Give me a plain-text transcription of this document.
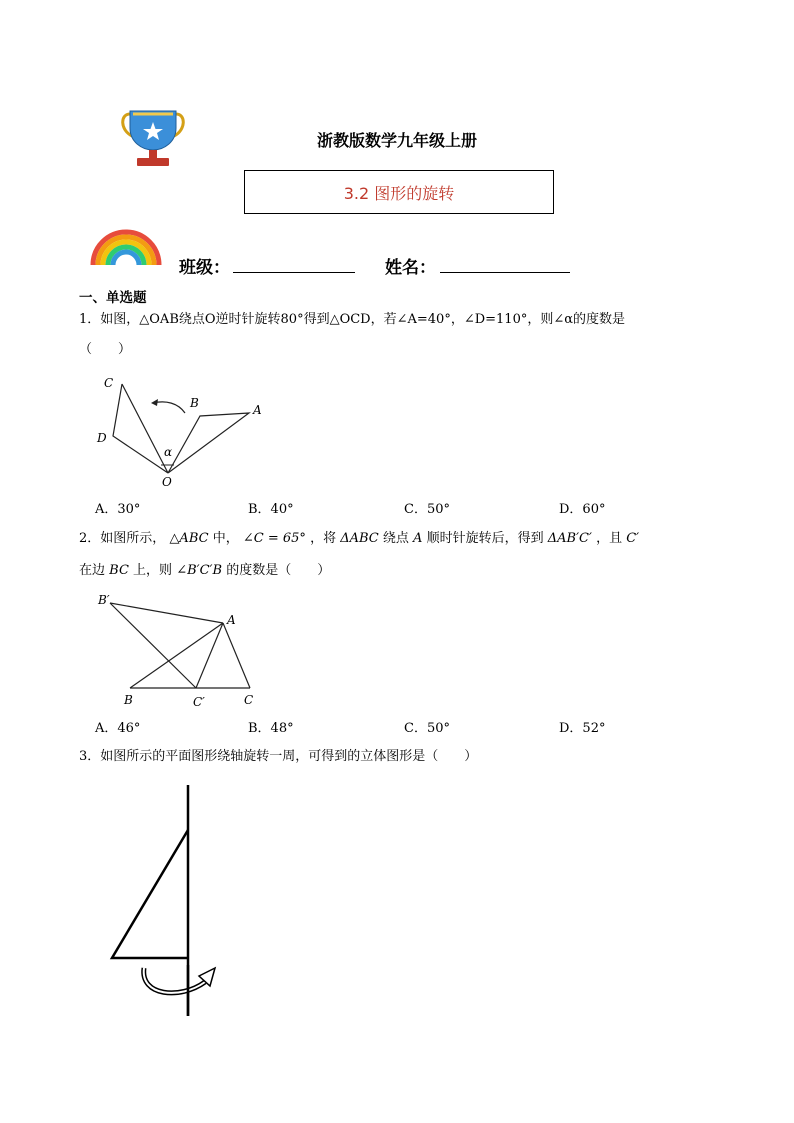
浙教版数学九年级上册
3.2 图形的旋转
班级：	姓名：
一、单选题
1．如图，△OAB绕点O逆时针旋转80°得到△OCD，若∠A=40°，∠D=110°，则∠α的度数是
（　　）
C
B	A
D
α
O
A．30°	B．40°	C．50°	D．60°
2．如图所示， △ABC 中， ∠C = 65° ，将 ΔABC 绕点 A 顺时针旋转后，得到 ΔAB′C′ ，且 C′
在边 BC 上，则 ∠B′C′B 的度数是（　　）
B′
A
B	C′	C
A．46°	B．48°	C．50°	D．52°
3．如图所示的平面图形绕轴旋转一周，可得到的立体图形是（　　）
